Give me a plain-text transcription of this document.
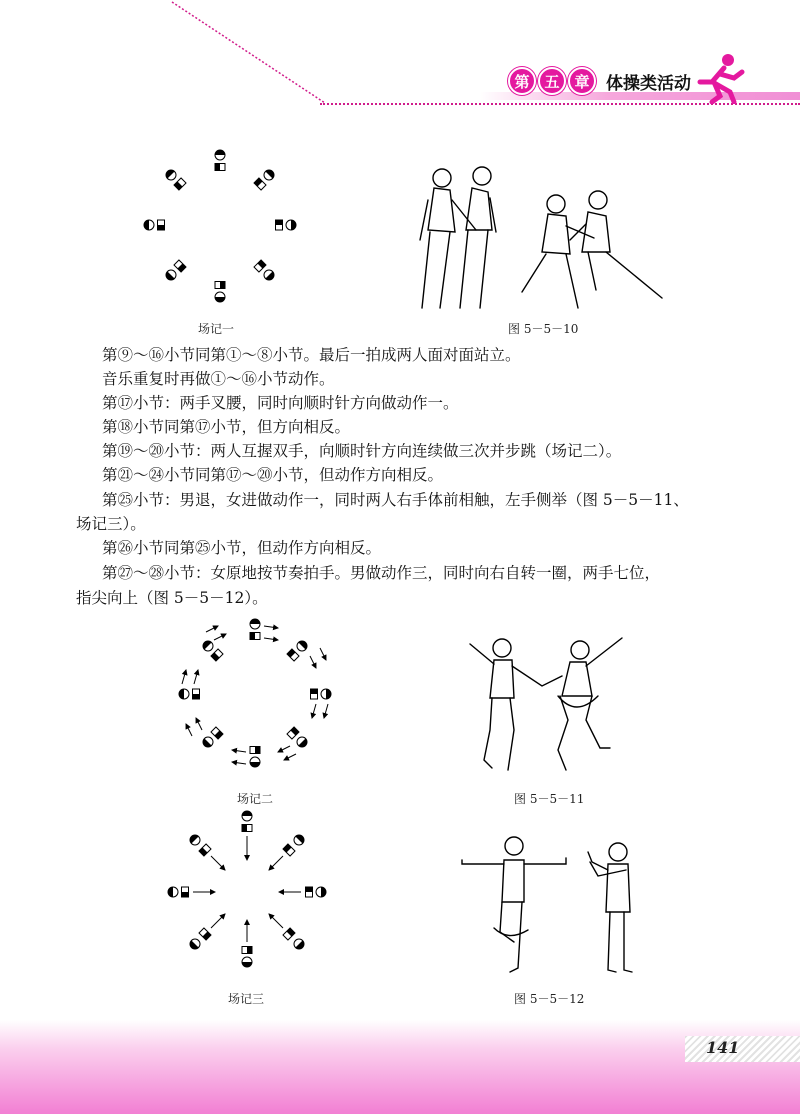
第 五 章 体操类活动
场记一	图 5－5－10
第⑨～⑯小节同第①～⑧小节。最后一拍成两人面对面站立。
音乐重复时再做①～⑯小节动作。
第⑰小节：两手叉腰，同时向顺时针方向做动作一。
第⑱小节同第⑰小节，但方向相反。
第⑲～⑳小节：两人互握双手，向顺时针方向连续做三次并步跳（场记二）。
第㉑～㉔小节同第⑰～⑳小节，但动作方向相反。
第㉕小节：男退，女进做动作一，同时两人右手体前相触，左手侧举（图 5－5－11、
场记三）。
第㉖小节同第㉕小节，但动作方向相反。
第㉗～㉘小节：女原地按节奏拍手。男做动作三，同时向右自转一圈，两手七位，
指尖向上（图 5－5－12）。
场记二	图 5－5－11
场记三	图 5－5－12
141
